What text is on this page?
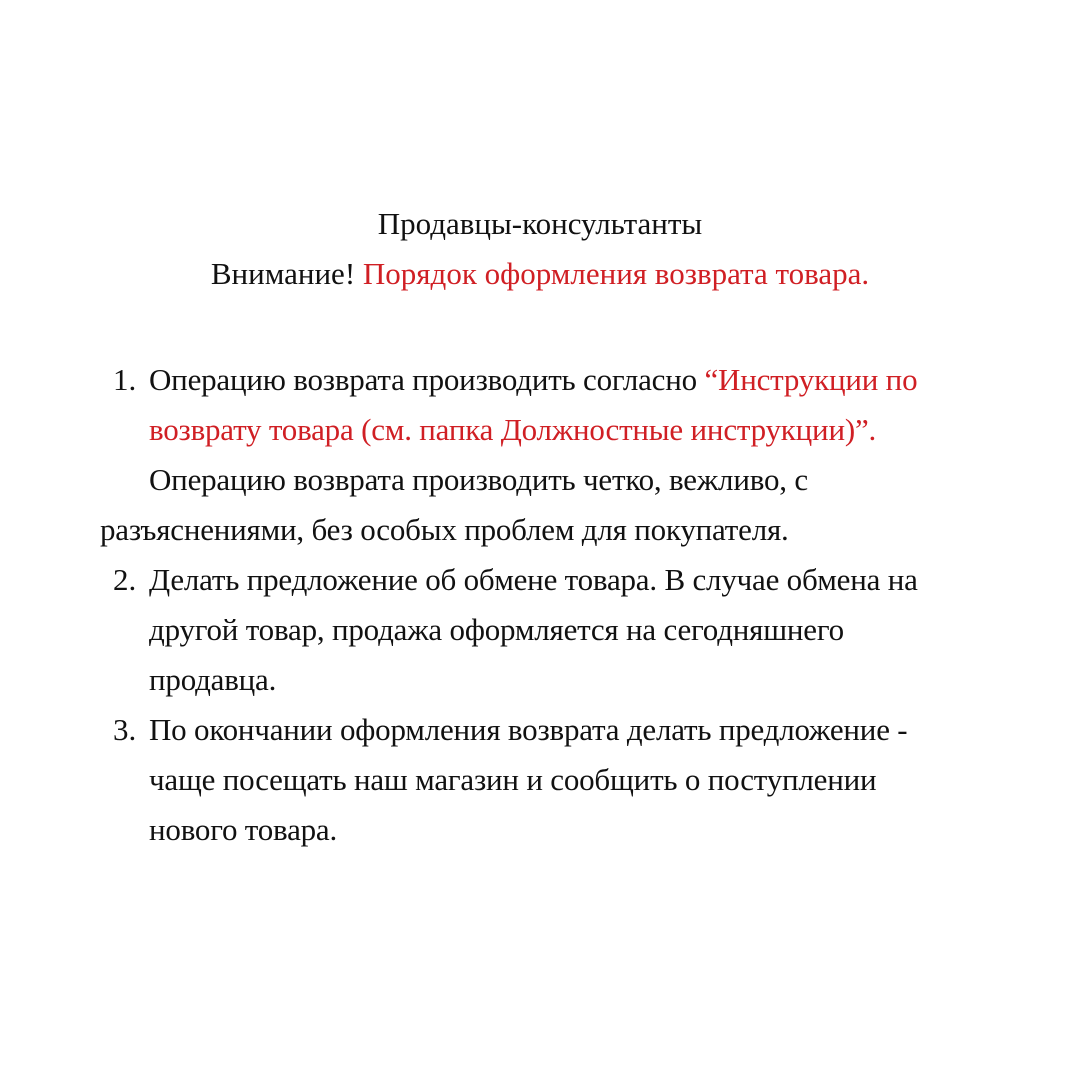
Продавцы-консультанты
Внимание! Порядок оформления возврата товара.
1. Операцию возврата производить согласно “Инструкции по
возврату товара (см. папка Должностные инструкции)”.
Операцию возврата производить четко, вежливо, с
разъяснениями, без особых проблем для покупателя.
2. Делать предложение об обмене товара. В случае обмена на
другой товар, продажа оформляется на сегодняшнего
продавца.
3. По окончании оформления возврата делать предложение -
чаще посещать наш магазин и сообщить о поступлении
нового товара.
